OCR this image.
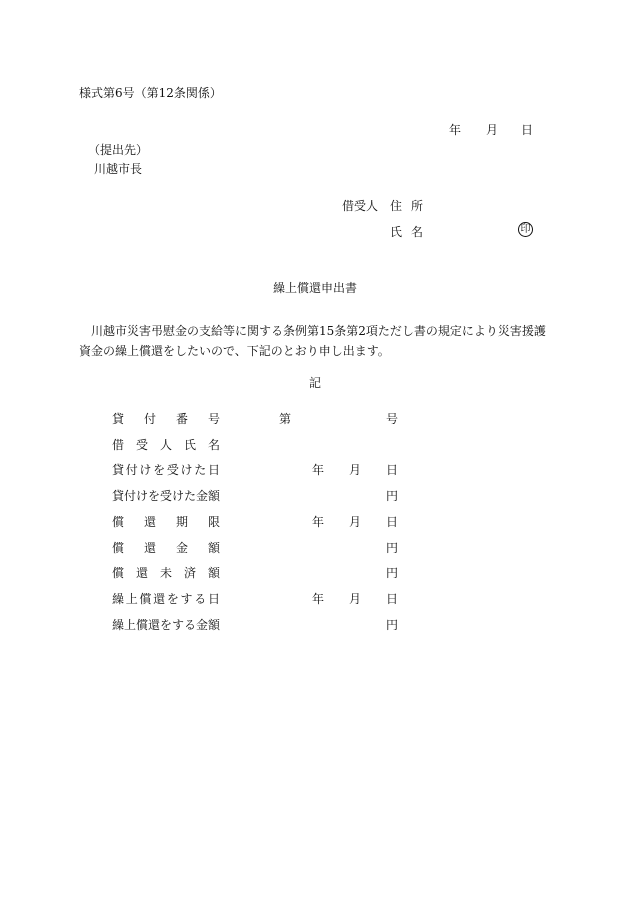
様式第6号（第12条関係）
年 月 日
（提出先）
川越市長
借受人 住所
氏名	印
繰上償還申出書
川越市災害弔慰金の支給等に関する条例第15条第2項ただし書の規定により災害援護資金の繰上償還をしたいので、下記のとおり申し出ます。
記
貸付番号	第	号
借受人氏名
貸付けを受けた日	年 月 日
貸付けを受けた金額	円
償還期限	年 月 日
償還金額	円
償還未済額	円
繰上償還をする日	年 月 日
繰上償還をする金額	円
